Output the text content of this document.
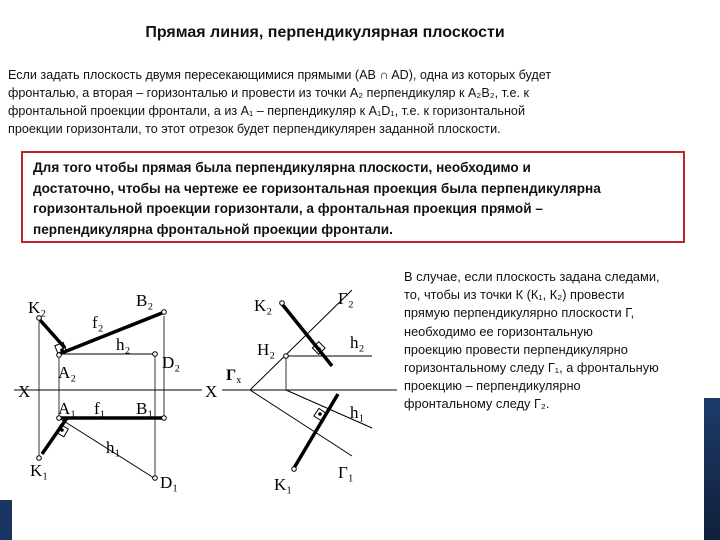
Прямая линия, перпендикулярная плоскости
Если задать плоскость двумя пересекающимися прямыми (AB ∩ AD), одна из которых будет
фронталью, а вторая – горизонталью и провести из точки A₂ перпендикуляр к A₂B₂, т.е. к
фронтальной проекции фронтали, а из A₁ – перпендикуляр к A₁D₁, т.е. к горизонтальной
проекции горизонтали, то этот отрезок будет перпендикулярен заданной плоскости.
Для того чтобы прямая была перпендикулярна плоскости, необходимо и
достаточно, чтобы на чертеже ее горизонтальная проекция была перпендикулярна
горизонтальной проекции горизонтали, а фронтальная проекция прямой –
перпендикулярна фронтальной проекции фронтали.
K₂	B₂
f₂
h₂
D₂
A₂
X
A₁ f₁ B₁
h₁
K₁
D₁
K₂	Г₂
H₂	h₂
X
Гx
h₁
Г₁
K₁
В случае, если плоскость задана следами,
то, чтобы из точки К (К₁, К₂) провести
прямую перпендикулярно плоскости Г,
необходимо ее горизонтальную
проекцию провести перпендикулярно
горизонтальному следу Г₁, а фронтальную
проекцию – перпендикулярно
фронтальному следу Г₂.
